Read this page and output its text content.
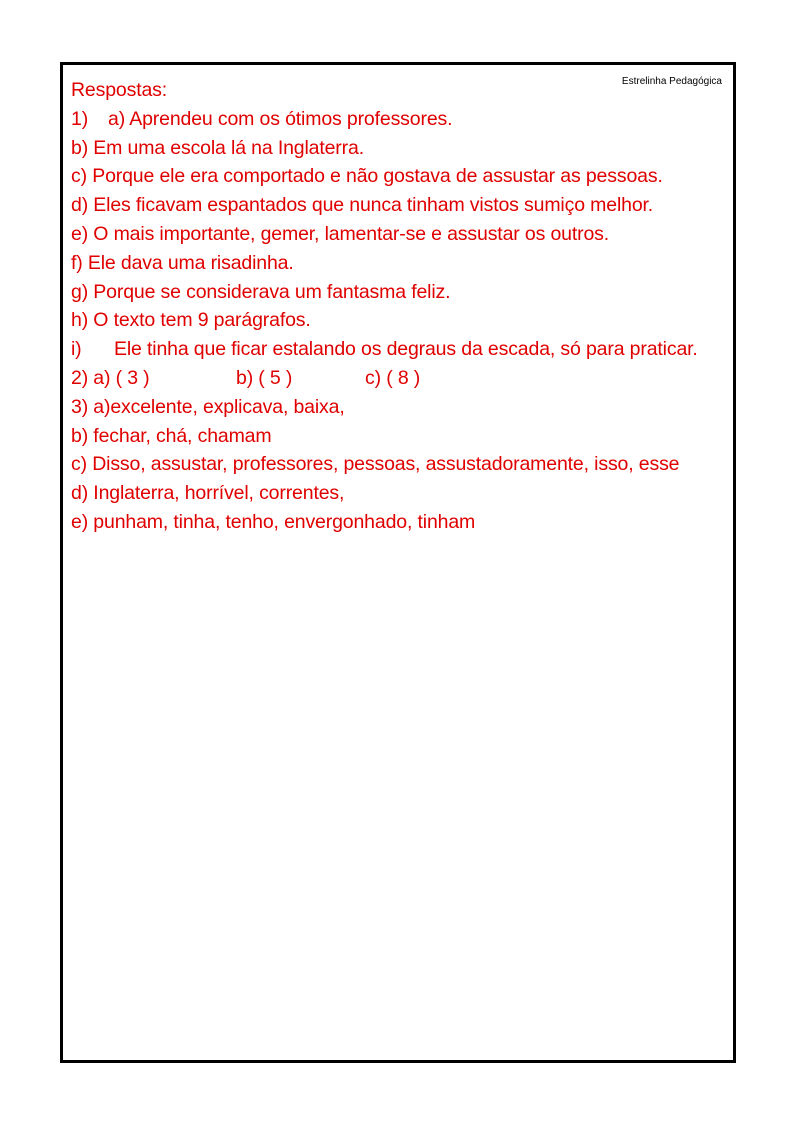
Estrelinha Pedagógica

Respostas:

1)	a) Aprendeu com os ótimos professores.

b) Em uma escola lá na Inglaterra.

c) Porque ele era comportado e não gostava de assustar as pessoas.

d) Eles ficavam espantados que nunca tinham vistos sumiço melhor.

e) O mais importante, gemer, lamentar-se e assustar os outros.

f) Ele dava uma risadinha.

g) Porque se considerava um fantasma feliz.

h) O texto tem 9 parágrafos.

i)	Ele tinha que ficar estalando os degraus da escada, só para praticar.
2) a) ( 3 )	b) ( 5 )	c) ( 8 )

3) a)excelente, explicava, baixa,

b) fechar, chá, chamam

c) Disso, assustar, professores, pessoas, assustadoramente, isso, esse

d) Inglaterra, horrível, correntes,

e) punham, tinha, tenho, envergonhado, tinham
